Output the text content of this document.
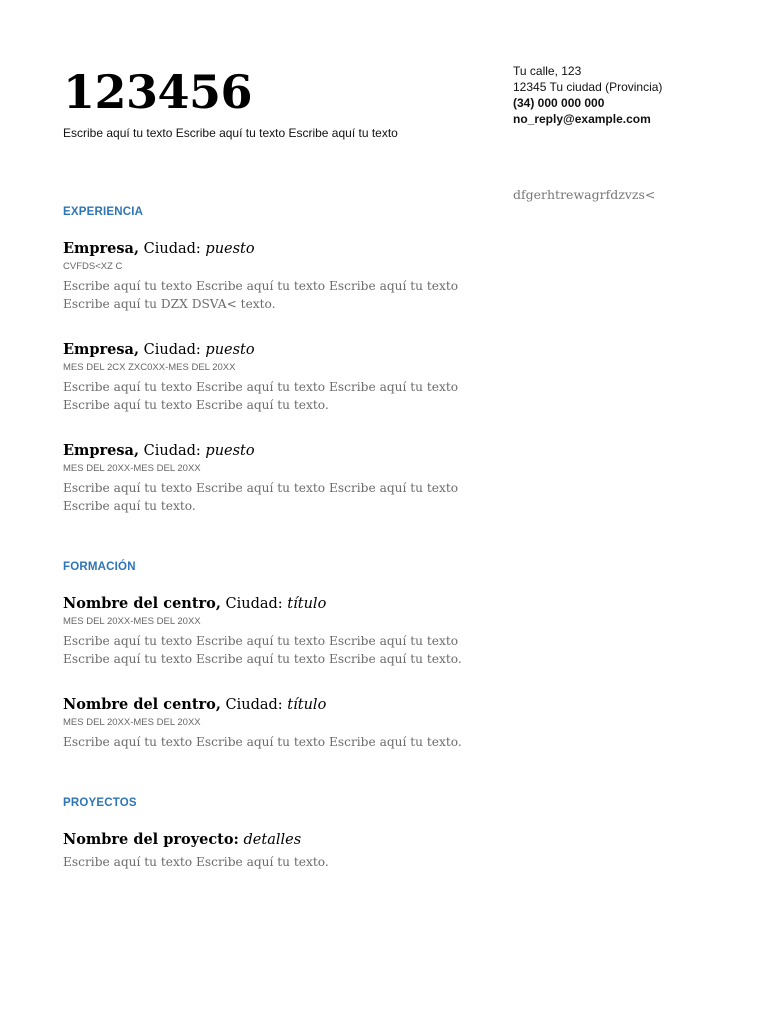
123456
Escribe aquí tu texto Escribe aquí tu texto Escribe aquí tu texto
Tu calle, 123
12345 Tu ciudad (Provincia)
(34) 000 000 000
no_reply@example.com
dfgerhtrewagrfdzvzs<
EXPERIENCIA
Empresa, Ciudad: puesto
CVFDS<XZ C
Escribe aquí tu texto Escribe aquí tu texto Escribe aquí tu texto Escribe aquí tu DZX DSVA< texto.
Empresa, Ciudad: puesto
MES DEL 2CX ZXC0XX-MES DEL 20XX
Escribe aquí tu texto Escribe aquí tu texto Escribe aquí tu texto Escribe aquí tu texto Escribe aquí tu texto.
Empresa, Ciudad: puesto
MES DEL 20XX-MES DEL 20XX
Escribe aquí tu texto Escribe aquí tu texto Escribe aquí tu texto Escribe aquí tu texto.
FORMACIÓN
Nombre del centro, Ciudad: título
MES DEL 20XX-MES DEL 20XX
Escribe aquí tu texto Escribe aquí tu texto Escribe aquí tu texto Escribe aquí tu texto Escribe aquí tu texto Escribe aquí tu texto.
Nombre del centro, Ciudad: título
MES DEL 20XX-MES DEL 20XX
Escribe aquí tu texto Escribe aquí tu texto Escribe aquí tu texto.
PROYECTOS
Nombre del proyecto: detalles
Escribe aquí tu texto Escribe aquí tu texto.
